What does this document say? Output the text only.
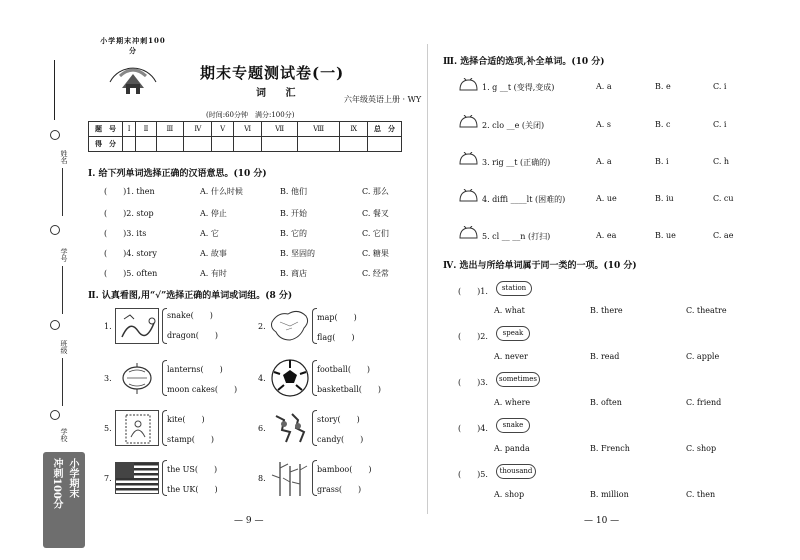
姓名
学号
班级
学校
小学期末
冲刺100分
小学期末冲刺100分
期末专题测试卷(一)
词 汇
六年级英语上册 · WY
(时间:60分钟　满分:100分)
题　号	Ⅰ	Ⅱ	Ⅲ	Ⅳ	Ⅴ	Ⅵ	Ⅶ	Ⅷ	Ⅸ	总　分
得　分										
Ⅰ. 给下列单词选择正确的汉语意思。(10 分)
(　　)1. then	A. 什么时候	B. 他们	C. 那么
(　　)2. stop	A. 停止	B. 开始	C. 餐叉
(　　)3. its	A. 它	B. 它的	C. 它们
(　　)4. story	A. 故事	B. 坚固的	C. 糖果
(　　)5. often	A. 有时	B. 商店	C. 经常
Ⅱ. 认真看图,用“√”选择正确的单词或词组。(8 分)
1.
snake(　　)
dragon(　　)
2.
map(　　)
flag(　　)
3.
lanterns(　　)
moon cakes(　　)
4.
football(　　)
basketball(　　)
5.
kite(　　)
stamp(　　)
6.
story(　　)
candy(　　)
7.
the US(　　)
the UK(　　)
8.
bamboo(　　)
grass(　　)
— 9 —
Ⅲ. 选择合适的选项,补全单词。(10 分)
1. g __t (变得,变成)	A. a	B. e	C. i
2. clo __e (关闭)	A. s	B. c	C. i
3. rig __t (正确的)	A. a	B. i	C. h
4. diffi ____lt (困难的)	A. ue	B. iu	C. cu
5. cl __ __n (打扫)	A. ea	B. ue	C. ae
Ⅳ. 选出与所给单词属于同一类的一项。(10 分)
(　　)1.	station
A. what	B. there	C. theatre
(　　)2.	speak
A. never	B. read	C. apple
(　　)3.	sometimes
A. where	B. often	C. friend
(　　)4.	snake
A. panda	B. French	C. shop
(　　)5.	thousand
A. shop	B. million	C. then
— 10 —
